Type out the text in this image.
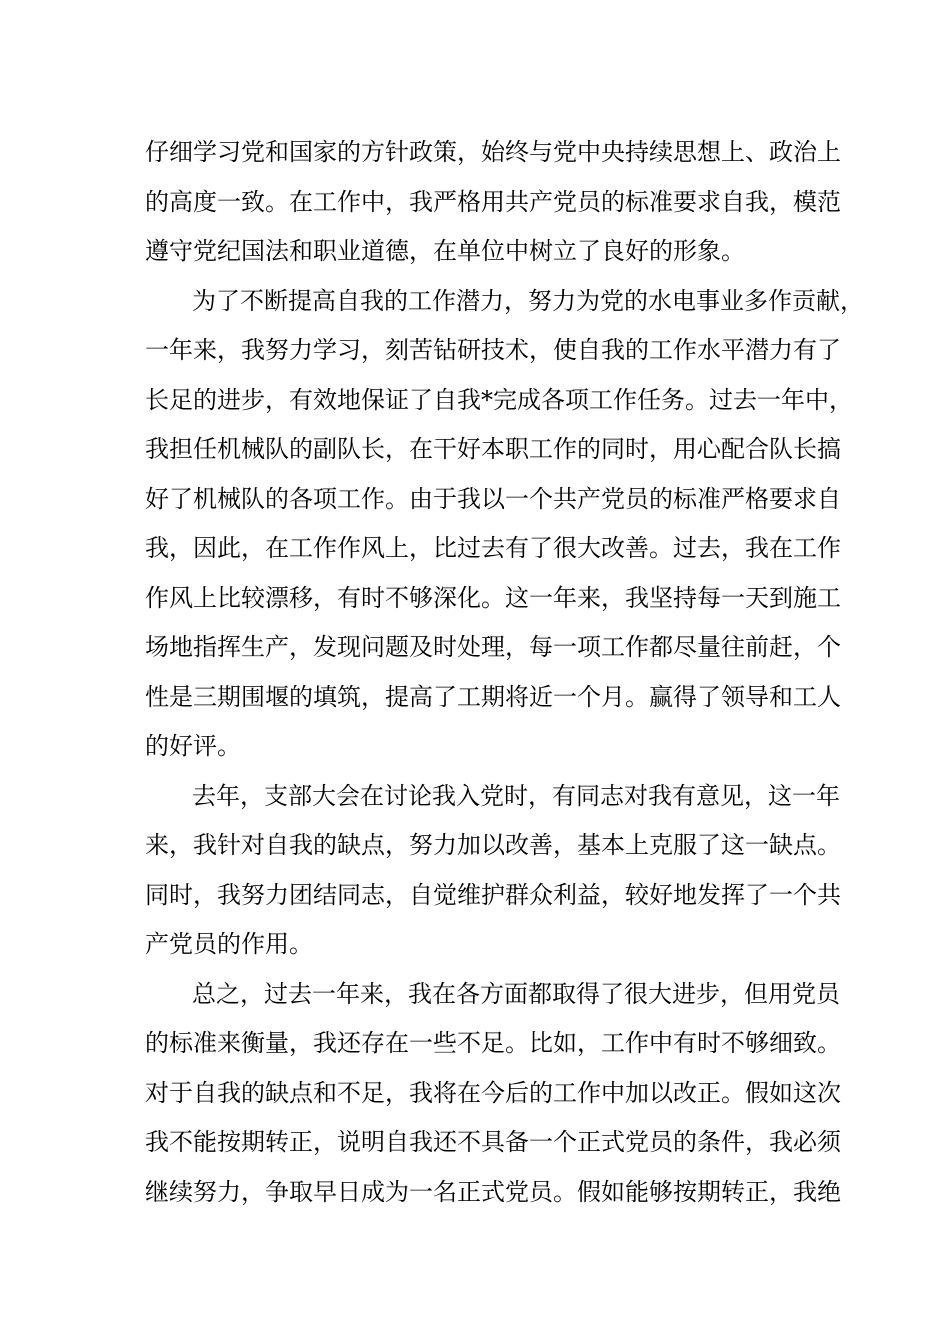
仔细学习党和国家的方针政策，始终与党中央持续思想上、政治上
的高度一致。在工作中，我严格用共产党员的标准要求自我，模范
遵守党纪国法和职业道德，在单位中树立了良好的形象。
为了不断提高自我的工作潜力，努力为党的水电事业多作贡献，
一年来，我努力学习，刻苦钻研技术，使自我的工作水平潜力有了
长足的进步，有效地保证了自我*完成各项工作任务。过去一年中，
我担任机械队的副队长，在干好本职工作的同时，用心配合队长搞
好了机械队的各项工作。由于我以一个共产党员的标准严格要求自
我，因此，在工作作风上，比过去有了很大改善。过去，我在工作
作风上比较漂移，有时不够深化。这一年来，我坚持每一天到施工
场地指挥生产，发现问题及时处理，每一项工作都尽量往前赶，个
性是三期围堰的填筑，提高了工期将近一个月。赢得了领导和工人
的好评。
去年，支部大会在讨论我入党时，有同志对我有意见，这一年
来，我针对自我的缺点，努力加以改善，基本上克服了这一缺点。
同时，我努力团结同志，自觉维护群众利益，较好地发挥了一个共
产党员的作用。
总之，过去一年来，我在各方面都取得了很大进步，但用党员
的标准来衡量，我还存在一些不足。比如，工作中有时不够细致。
对于自我的缺点和不足，我将在今后的工作中加以改正。假如这次
我不能按期转正，说明自我还不具备一个正式党员的条件，我必须
继续努力，争取早日成为一名正式党员。假如能够按期转正，我绝
